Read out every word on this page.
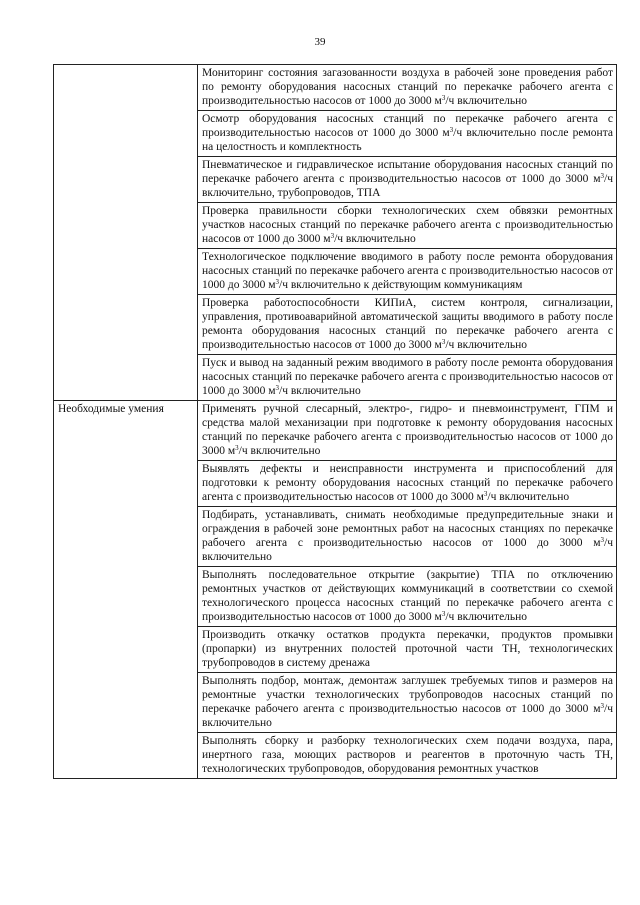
39
	Мониторинг состояния загазованности воздуха в рабочей зоне проведения работ по ремонту оборудования насосных станций по перекачке рабочего агента с производительностью насосов от 1000 до 3000 $м^3/ч$ включительно
	Осмотр оборудования насосных станций по перекачке рабочего агента с производительностью насосов от 1000 до 3000 $м^3/ч$ включительно после ремонта на целостность и комплектность
	Пневматическое и гидравлическое испытание оборудования насосных станций по перекачке рабочего агента с производительностью насосов от 1000 до 3000 $м^3/ч$ включительно, трубопроводов, ТПА
	Проверка правильности сборки технологических схем обвязки ремонтных участков насосных станций по перекачке рабочего агента с производительностью насосов от 1000 до 3000 $м^3/ч$ включительно
	Технологическое подключение вводимого в работу после ремонта оборудования насосных станций по перекачке рабочего агента с производительностью насосов от 1000 до 3000 $м^3/ч$ включительно к действующим коммуникациям
	Проверка работоспособности КИПиА, систем контроля, сигнализации, управления, противоаварийной автоматической защиты вводимого в работу после ремонта оборудования насосных станций по перекачке рабочего агента с производительностью насосов от 1000 до 3000 $м^3/ч$ включительно
	Пуск и вывод на заданный режим вводимого в работу после ремонта оборудования насосных станций по перекачке рабочего агента с производительностью насосов от 1000 до 3000 $м^3/ч$ включительно
Необходимые умения	Применять ручной слесарный, электро-, гидро- и пневмоинструмент, ГПМ и средства малой механизации при подготовке к ремонту оборудования насосных станций по перекачке рабочего агента с производительностью насосов от 1000 до 3000 $м^3/ч$ включительно
	Выявлять дефекты и неисправности инструмента и приспособлений для подготовки к ремонту оборудования насосных станций по перекачке рабочего агента с производительностью насосов от 1000 до 3000 $м^3/ч$ включительно
	Подбирать, устанавливать, снимать необходимые предупредительные знаки и ограждения в рабочей зоне ремонтных работ на насосных станциях по перекачке рабочего агента с производительностью насосов от 1000 до 3000 $м^3/ч$ включительно
	Выполнять последовательное открытие (закрытие) ТПА по отключению ремонтных участков от действующих коммуникаций в соответствии со схемой технологического процесса насосных станций по перекачке рабочего агента с производительностью насосов от 1000 до 3000 $м^3/ч$ включительно
	Производить откачку остатков продукта перекачки, продуктов промывки (пропарки) из внутренних полостей проточной части ТН, технологических трубопроводов в систему дренажа
	Выполнять подбор, монтаж, демонтаж заглушек требуемых типов и размеров на ремонтные участки технологических трубопроводов насосных станций по перекачке рабочего агента с производительностью насосов от 1000 до 3000 $м^3/ч$ включительно
	Выполнять сборку и разборку технологических схем подачи воздуха, пара, инертного газа, моющих растворов и реагентов в проточную часть ТН, технологических трубопроводов, оборудования ремонтных участков
